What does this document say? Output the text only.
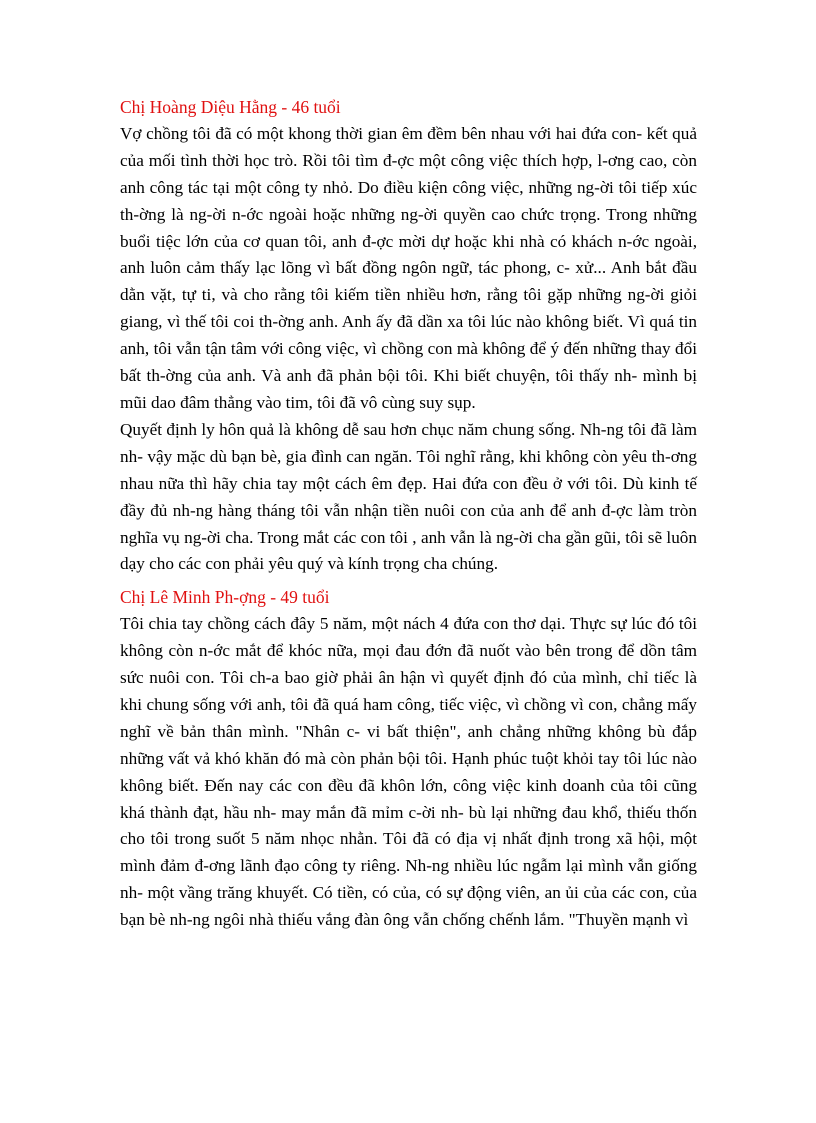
Chị Hoàng Diệu Hằng - 46 tuổi

Vợ chồng tôi đã có một khong thời gian êm đềm bên nhau với hai đứa con- kết quả của mối tình thời học trò. Rồi tôi tìm đ-ợc một công việc thích hợp, l-ơng cao, còn anh công tác tại một công ty nhỏ. Do điều kiện công việc, những ng-ời tôi tiếp xúc th-ờng là ng-ời n-ớc ngoài hoặc những ng-ời quyền cao chức trọng. Trong những buổi tiệc lớn của cơ quan tôi, anh đ-ợc mời dự hoặc khi nhà có khách n-ớc ngoài, anh luôn cảm thấy lạc lõng vì bất đồng ngôn ngữ, tác phong, c- xử... Anh bắt đầu dằn vặt, tự ti, và cho rằng tôi kiếm tiền nhiều hơn, rằng tôi gặp những ng-ời giỏi giang, vì thế tôi coi th-ờng anh. Anh ấy đã dần xa tôi lúc nào không biết. Vì quá tin anh, tôi vẫn tận tâm với công việc, vì chồng con mà không để ý đến những thay đổi bất th-ờng của anh. Và anh đã phản bội tôi. Khi biết chuyện, tôi thấy nh- mình bị mũi dao đâm thẳng vào tim, tôi đã vô cùng suy sụp.

Quyết định ly hôn quả là không dễ sau hơn chục năm chung sống. Nh-ng tôi đã làm nh- vậy mặc dù bạn bè, gia đình can ngăn. Tôi nghĩ rằng, khi không còn yêu th-ơng nhau nữa thì hãy chia tay một cách êm đẹp. Hai đứa con đều ở với tôi. Dù kinh tế đầy đủ nh-ng hàng tháng tôi vẫn nhận tiền nuôi con của anh để anh đ-ợc làm tròn nghĩa vụ ng-ời cha. Trong mắt các con tôi , anh vẫn là ng-ời cha gần gũi, tôi sẽ luôn dạy cho các con phải yêu quý và kính trọng cha chúng.

Chị Lê Minh Ph-ợng - 49 tuổi

Tôi chia tay chồng cách đây 5 năm, một nách 4 đứa con thơ dại. Thực sự lúc đó tôi không còn n-ớc mắt để khóc nữa, mọi đau đớn đã nuốt vào bên trong để dồn tâm sức nuôi con. Tôi ch-a bao giờ phải ân hận vì quyết định đó của mình, chỉ tiếc là khi chung sống với anh, tôi đã quá ham công, tiếc việc, vì chồng vì con, chẳng mấy nghĩ về bản thân mình. "Nhân c- vi bất thiện", anh chẳng những không bù đắp những vất vả khó khăn đó mà còn phản bội tôi. Hạnh phúc tuột khỏi tay tôi lúc nào không biết. Đến nay các con đều đã khôn lớn, công việc kinh doanh của tôi cũng khá thành đạt, hầu nh- may mắn đã mỉm c-ời nh- bù lại những đau khổ, thiếu thốn cho tôi trong suốt 5 năm nhọc nhằn. Tôi đã có địa vị nhất định trong xã hội, một mình đảm đ-ơng lãnh đạo công ty riêng. Nh-ng nhiều lúc ngẫm lại mình vẫn giống nh- một vầng trăng khuyết. Có tiền, có của, có sự động viên, an ủi của các con, của bạn bè nh-ng ngôi nhà thiếu vắng đàn ông vẫn chống chếnh lắm. "Thuyền mạnh vì
